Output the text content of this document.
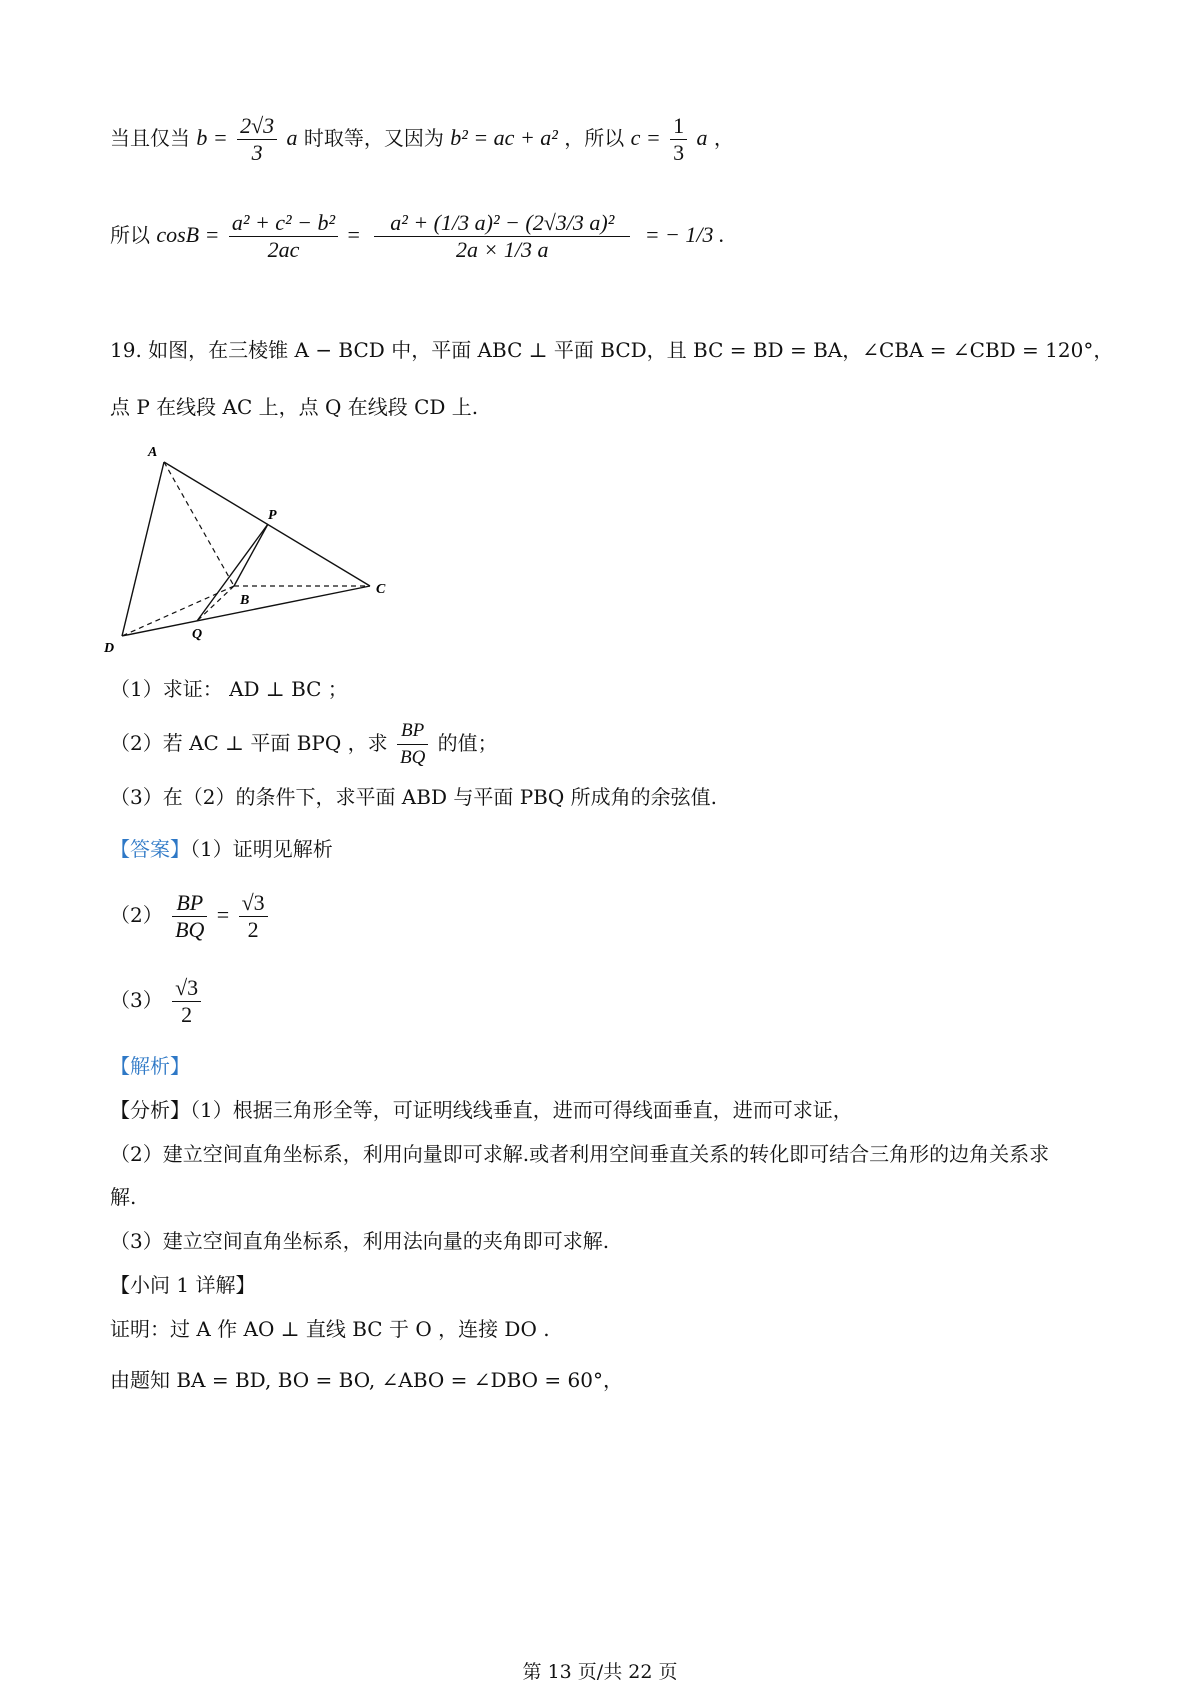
当且仅当 $b = \frac{2√3}{3}$ a 时取等，又因为 b² = ac + a² ，所以 $c = \frac{1}{3}$ a ，
所以 $\cos B = \frac{\text{a² + c² − b²}}{2ac} = \frac{\text{a² + (1/3 a)² − (2√3/3 a)²}}{2a \times 1/3 a}$ = − 1/3 .
19. 如图，在三棱锥 A − BCD 中，平面 ABC ⊥ 平面 BCD，且 BC = BD = BA，∠CBA = ∠CBD = 120°，
点 P 在线段 AC 上，点 Q 在线段 CD 上.
A
P
C
B
Q
D
（1）求证： AD ⊥ BC ；
（2）若 AC ⊥ 平面 BPQ ，求 $\frac{BP}{BQ}$ 的值；
（3）在（2）的条件下，求平面 ABD 与平面 PBQ 所成角的余弦值.
【答案】（1）证明见解析
$(2) \frac{BP}{BQ} = \frac{√3}{2}$
$(3) \frac{√3}{2}$
【解析】
【分析】（1）根据三角形全等，可证明线线垂直，进而可得线面垂直，进而可求证，
（2）建立空间直角坐标系，利用向量即可求解.或者利用空间垂直关系的转化即可结合三角形的边角关系求
解.
（3）建立空间直角坐标系，利用法向量的夹角即可求解.
【小问 1 详解】
证明：过 A 作 AO ⊥ 直线 BC 于 O ，连接 DO .
由题知 BA = BD, BO = BO, ∠ABO = ∠DBO = 60°，
第 13 页/共 22 页
